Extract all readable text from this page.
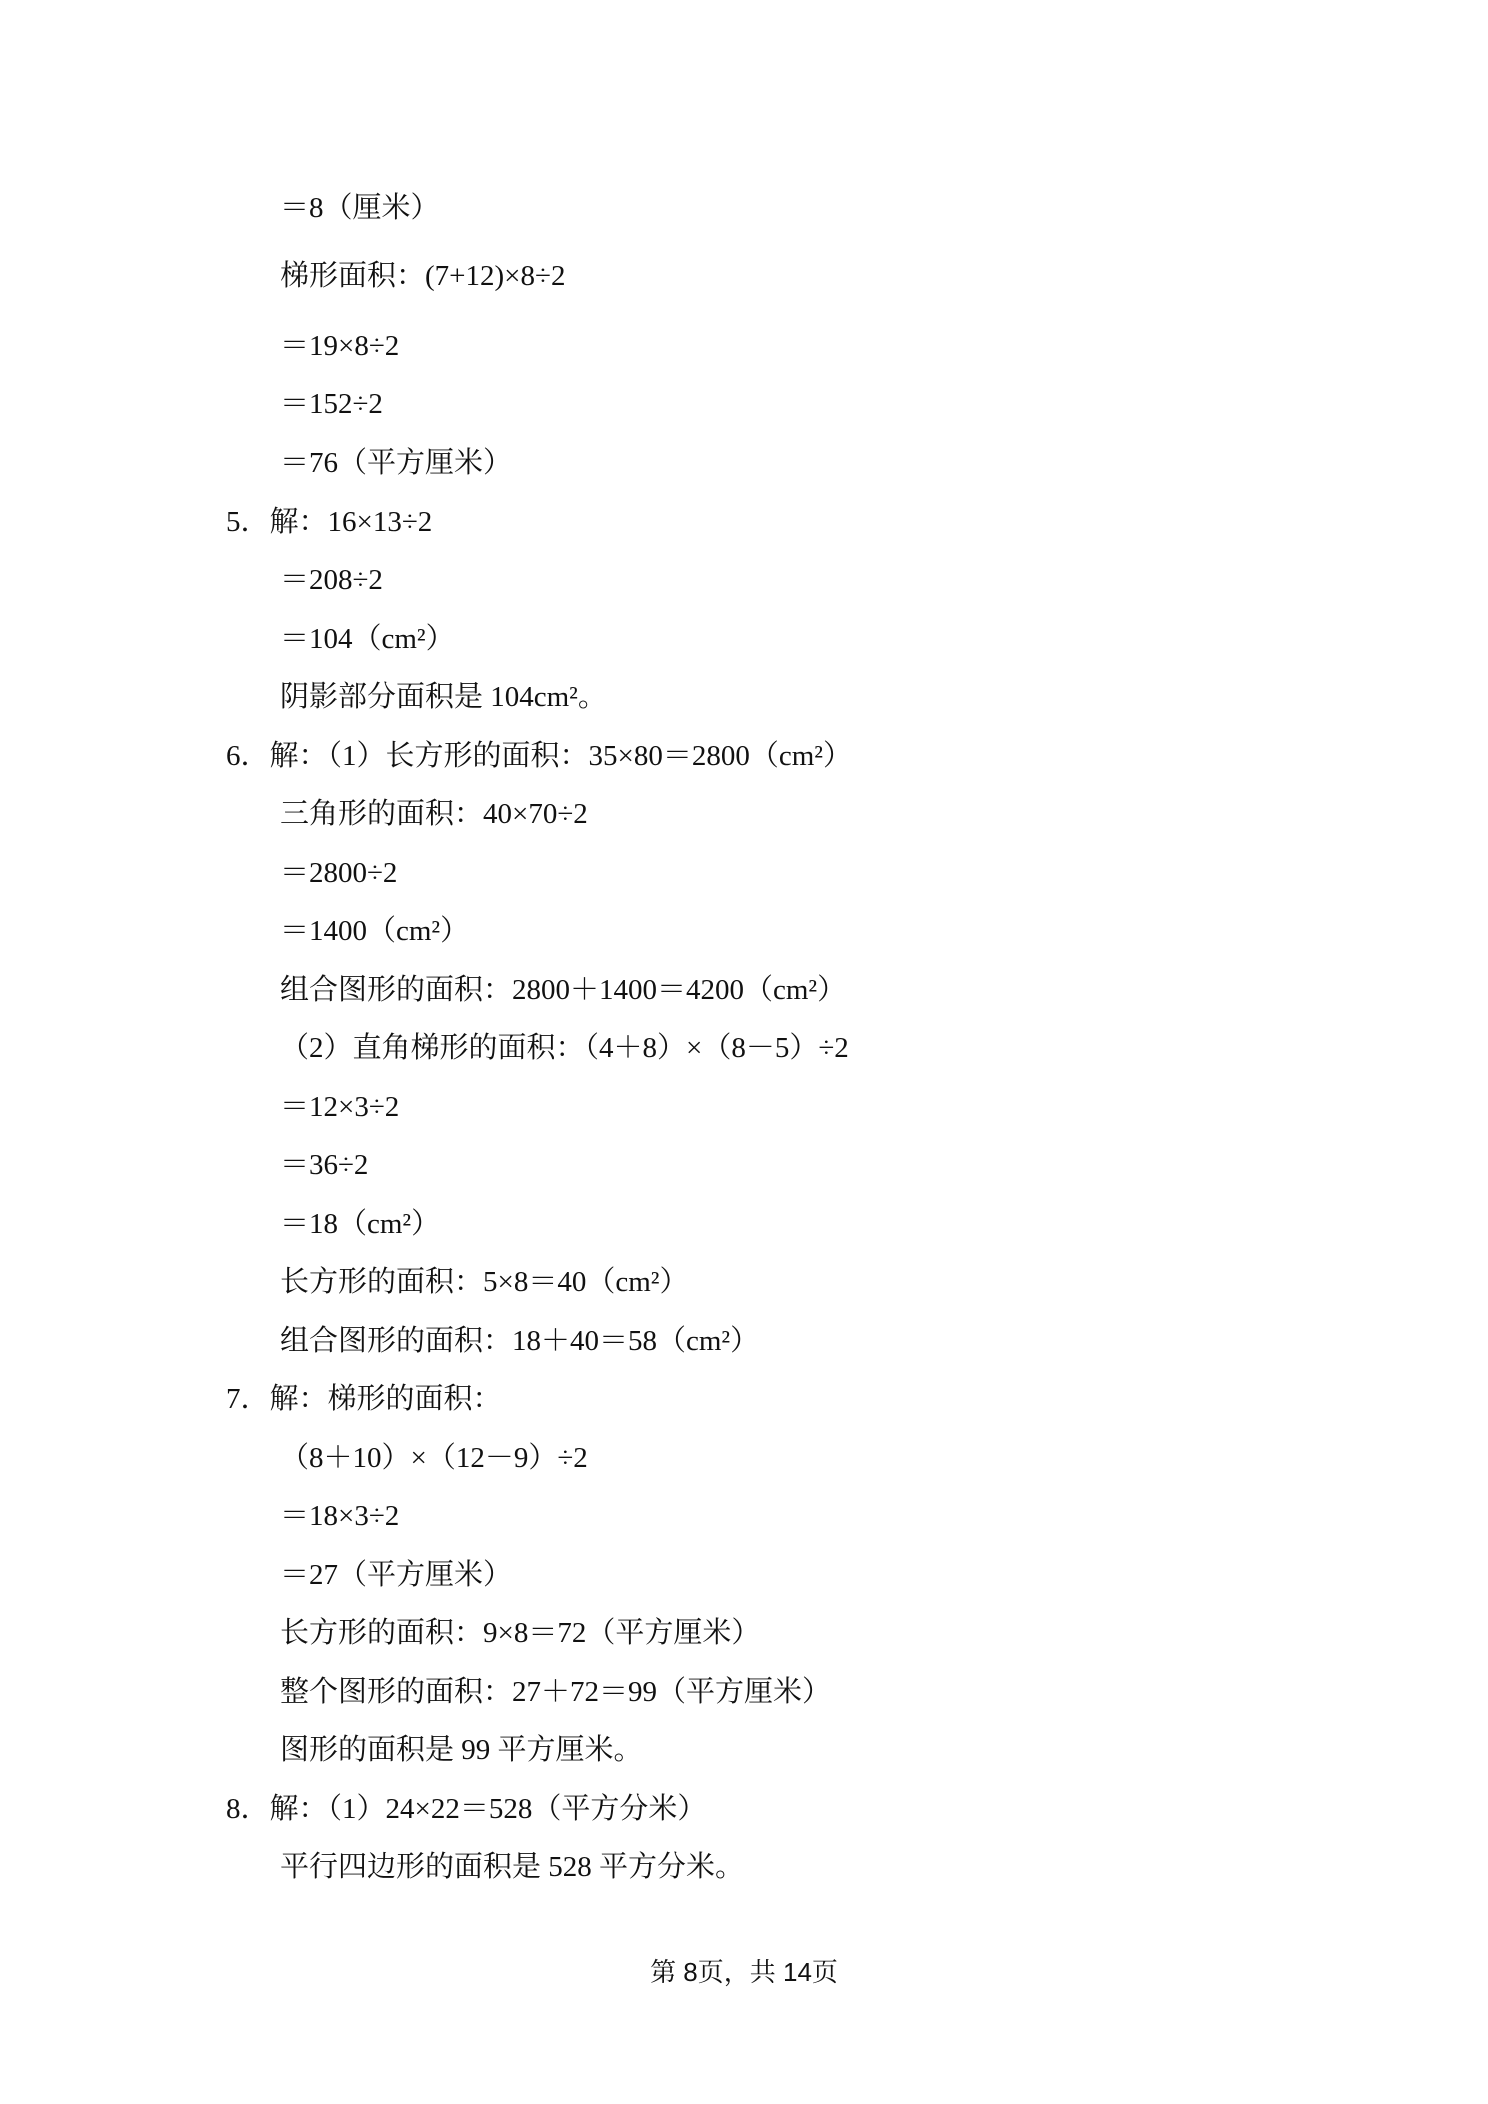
＝8（厘米）
梯形面积：(7+12)×8÷2
＝19×8÷2
＝152÷2
＝76（平方厘米）
5．解：16×13÷2
＝208÷2
＝104（cm²）
阴影部分面积是 104cm²。
6．解：（1）长方形的面积：35×80＝2800（cm²）
三角形的面积：40×70÷2
＝2800÷2
＝1400（cm²）
组合图形的面积：2800＋1400＝4200（cm²）
（2）直角梯形的面积：（4＋8）×（8－5）÷2
＝12×3÷2
＝36÷2
＝18（cm²）
长方形的面积：5×8＝40（cm²）
组合图形的面积：18＋40＝58（cm²）
7．解：梯形的面积：
（8＋10）×（12－9）÷2
＝18×3÷2
＝27（平方厘米）
长方形的面积：9×8＝72（平方厘米）
整个图形的面积：27＋72＝99（平方厘米）
图形的面积是 99 平方厘米。
8．解：（1）24×22＝528（平方分米）
平行四边形的面积是 528 平方分米。
第 8页，共 14页
